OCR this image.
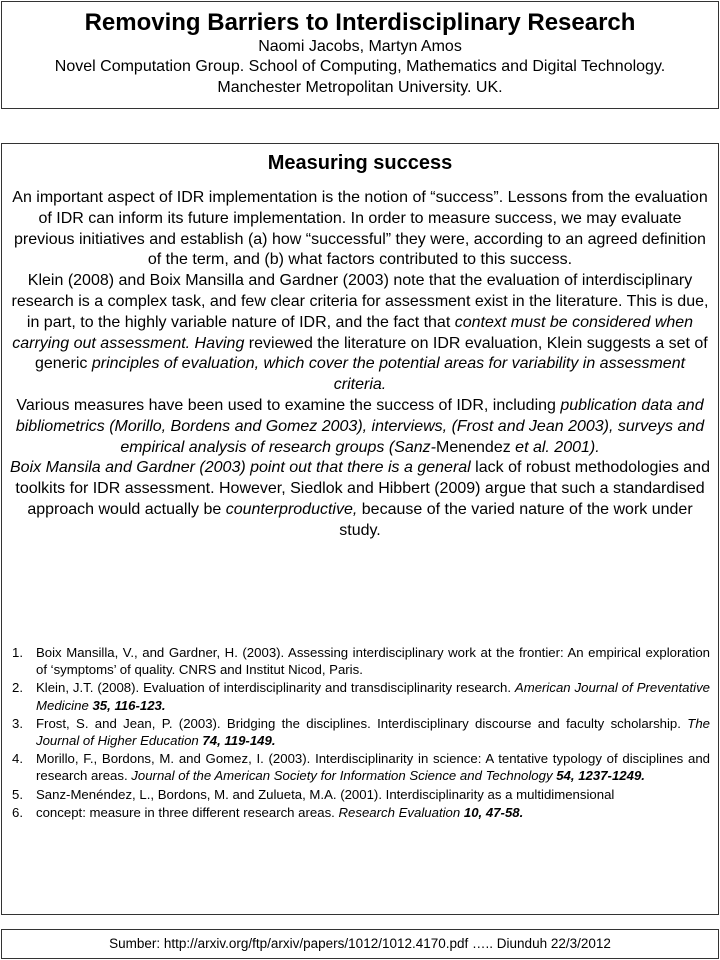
Removing Barriers to Interdisciplinary Research
Naomi Jacobs, Martyn Amos
Novel Computation Group. School of Computing, Mathematics and Digital Technology. Manchester Metropolitan University. UK.
Measuring success

An important aspect of IDR implementation is the notion of “success”. Lessons from the evaluation of IDR can inform its future implementation. In order to measure success, we may evaluate previous initiatives and establish (a) how “successful” they were, according to an agreed definition of the term, and (b) what factors contributed to this success.

Klein (2008) and Boix Mansilla and Gardner (2003) note that the evaluation of interdisciplinary research is a complex task, and few clear criteria for assessment exist in the literature. This is due, in part, to the highly variable nature of IDR, and the fact that context must be considered when carrying out assessment. Having reviewed the literature on IDR evaluation, Klein suggests a set of generic principles of evaluation, which cover the potential areas for variability in assessment criteria.

Various measures have been used to examine the success of IDR, including publication data and bibliometrics (Morillo, Bordens and Gomez 2003), interviews, (Frost and Jean 2003), surveys and empirical analysis of research groups (Sanz-Menendez et al. 2001).

Boix Mansila and Gardner (2003) point out that there is a general lack of robust methodologies and toolkits for IDR assessment. However, Siedlok and Hibbert (2009) argue that such a standardised approach would actually be counterproductive, because of the varied nature of the work under study.

1. Boix Mansilla, V., and Gardner, H. (2003). Assessing interdisciplinary work at the frontier: An empirical exploration of ‘symptoms’ of quality. CNRS and Institut Nicod, Paris.
2. Klein, J.T. (2008). Evaluation of interdisciplinarity and transdisciplinarity research. American Journal of Preventative Medicine 35, 116-123.
3. Frost, S. and Jean, P. (2003). Bridging the disciplines. Interdisciplinary discourse and faculty scholarship. The Journal of Higher Education 74, 119-149.
4. Morillo, F., Bordons, M. and Gomez, I. (2003). Interdisciplinarity in science: A tentative typology of disciplines and research areas. Journal of the American Society for Information Science and Technology 54, 1237-1249.
5. Sanz-Menéndez, L., Bordons, M. and Zulueta, M.A. (2001). Interdisciplinarity as a multidimensional
6. concept: measure in three different research areas. Research Evaluation 10, 47-58.
Sumber: http://arxiv.org/ftp/arxiv/papers/1012/1012.4170.pdf ….. Diunduh 22/3/2012
